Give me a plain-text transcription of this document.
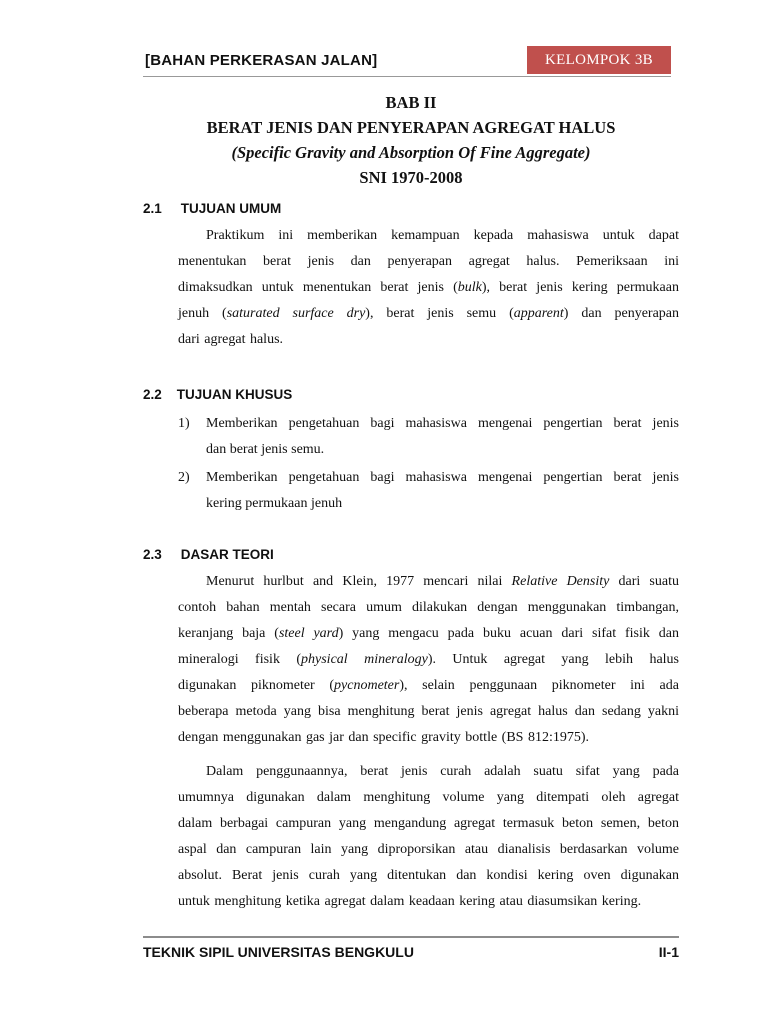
[BAHAN PERKERASAN JALAN]	KELOMPOK 3B
BAB II
BERAT JENIS DAN PENYERAPAN AGREGAT HALUS
(Specific Gravity and Absorption Of Fine Aggregate)
SNI 1970-2008
2.1 TUJUAN UMUM
Praktikum ini memberikan kemampuan kepada mahasiswa untuk dapat
menentukan berat jenis dan penyerapan agregat halus. Pemeriksaan ini
dimaksudkan untuk menentukan berat jenis (bulk), berat jenis kering permukaan
jenuh (saturated surface dry), berat jenis semu (apparent) dan penyerapan
dari agregat halus.
2.2 TUJUAN KHUSUS
1) Memberikan pengetahuan bagi mahasiswa mengenai pengertian berat jenis
dan berat jenis semu.
2) Memberikan pengetahuan bagi mahasiswa mengenai pengertian berat jenis
kering permukaan jenuh
2.3 DASAR TEORI
Menurut hurlbut and Klein, 1977 mencari nilai Relative Density dari suatu
contoh bahan mentah secara umum dilakukan dengan menggunakan timbangan,
keranjang baja (steel yard) yang mengacu pada buku acuan dari sifat fisik dan
mineralogi fisik (physical mineralogy). Untuk agregat yang lebih halus
digunakan piknometer (pycnometer), selain penggunaan piknometer ini ada
beberapa metoda yang bisa menghitung berat jenis agregat halus dan sedang yakni
dengan menggunakan gas jar dan specific gravity bottle (BS 812:1975).
Dalam penggunaannya, berat jenis curah adalah suatu sifat yang pada
umumnya digunakan dalam menghitung volume yang ditempati oleh agregat
dalam berbagai campuran yang mengandung agregat termasuk beton semen, beton
aspal dan campuran lain yang diproporsikan atau dianalisis berdasarkan volume
absolut. Berat jenis curah yang ditentukan dan kondisi kering oven digunakan
untuk menghitung ketika agregat dalam keadaan kering atau diasumsikan kering.
TEKNIK SIPIL UNIVERSITAS BENGKULU	II-1
